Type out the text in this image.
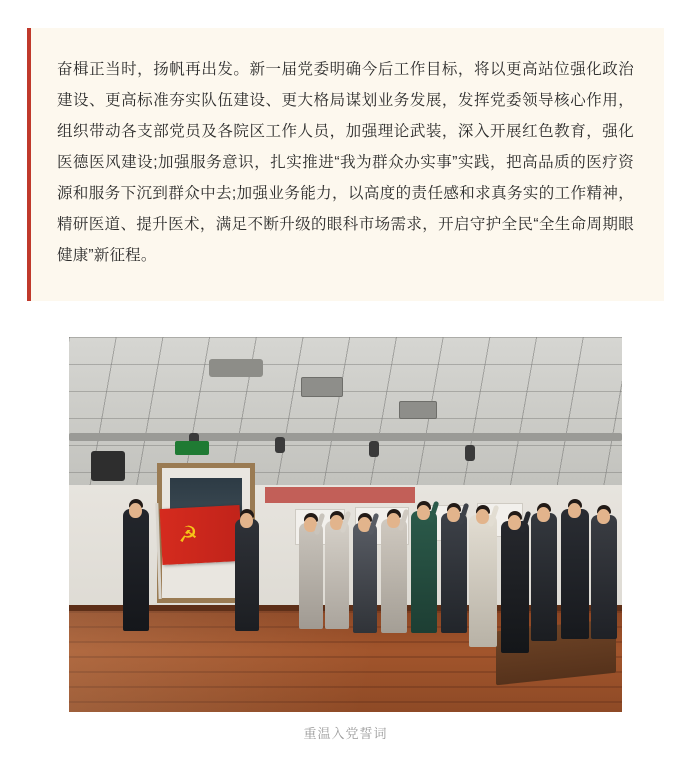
奋楫正当时，扬帆再出发。新一届党委明确今后工作目标，将以更高站位强化政治建设、更高标准夯实队伍建设、更大格局谋划业务发展，发挥党委领导核心作用，组织带动各支部党员及各院区工作人员，加强理论武装，深入开展红色教育，强化医德医风建设;加强服务意识，扎实推进“我为群众办实事”实践，把高品质的医疗资源和服务下沉到群众中去;加强业务能力，以高度的责任感和求真务实的工作精神，精研医道、提升医术，满足不断升级的眼科市场需求，开启守护全民“全生命周期眼健康”新征程。

☭
重温入党誓词
